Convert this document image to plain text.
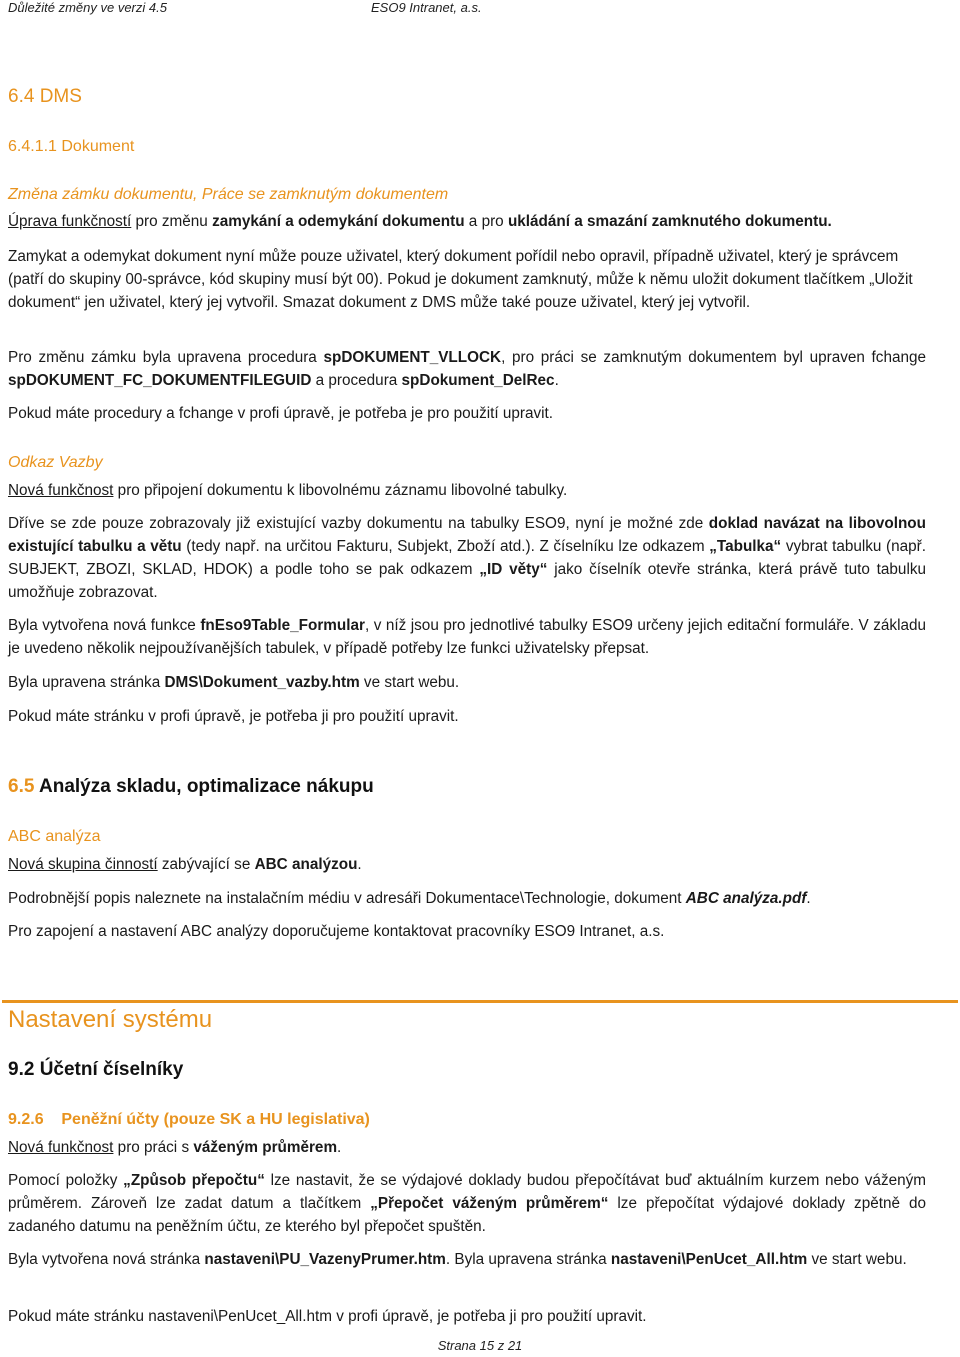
Důležité změny ve verzi 4.5	ESO9 Intranet, a.s.
6.4 DMS
6.4.1.1 Dokument
Změna zámku dokumentu, Práce se zamknutým dokumentem
Úprava funkčností pro změnu zamykání a odemykání dokumentu a pro ukládání a smazání zamknutého dokumentu.
Zamykat a odemykat dokument nyní může pouze uživatel, který dokument pořídil nebo opravil, případně uživatel, který je správcem (patří do skupiny 00-správce, kód skupiny musí být 00). Pokud je dokument zamknutý, může k němu uložit dokument tlačítkem „Uložit dokument“ jen uživatel, který jej vytvořil. Smazat dokument z DMS může také pouze uživatel, který jej vytvořil.
Pro změnu zámku byla upravena procedura spDOKUMENT_VLLOCK, pro práci se zamknutým dokumentem byl upraven fchange spDOKUMENT_FC_DOKUMENTFILEGUID a procedura spDokument_DelRec.
Pokud máte procedury a fchange v profi úpravě, je potřeba je pro použití upravit.
Odkaz Vazby
Nová funkčnost pro připojení dokumentu k libovolnému záznamu libovolné tabulky.
Dříve se zde pouze zobrazovaly již existující vazby dokumentu na tabulky ESO9, nyní je možné zde doklad navázat na libovolnou existující tabulku a větu (tedy např. na určitou Fakturu, Subjekt, Zboží atd.). Z číselníku lze odkazem „Tabulka“ vybrat tabulku (např. SUBJEKT, ZBOZI, SKLAD, HDOK) a podle toho se pak odkazem „ID věty“ jako číselník otevře stránka, která právě tuto tabulku umožňuje zobrazovat.
Byla vytvořena nová funkce fnEso9Table_Formular, v níž jsou pro jednotlivé tabulky ESO9 určeny jejich editační formuláře. V základu je uvedeno několik nejpoužívanějších tabulek, v případě potřeby lze funkci uživatelsky přepsat.
Byla upravena stránka DMS\Dokument_vazby.htm ve start webu.
Pokud máte stránku v profi úpravě, je potřeba ji pro použití upravit.
6.5 Analýza skladu, optimalizace nákupu
ABC analýza
Nová skupina činností zabývající se ABC analýzou.
Podrobnější popis naleznete na instalačním médiu v adresáři Dokumentace\Technologie, dokument ABC analýza.pdf.
Pro zapojení a nastavení ABC analýzy doporučujeme kontaktovat pracovníky ESO9 Intranet, a.s.
Nastavení systému
9.2 Účetní číselníky
9.2.6    Peněžní účty (pouze SK a HU legislativa)
Nová funkčnost pro práci s váženým průměrem.
Pomocí položky „Způsob přepočtu“ lze nastavit, že se výdajové doklady budou přepočítávat buď aktuálním kurzem nebo váženým průměrem. Zároveň lze zadat datum a tlačítkem „Přepočet váženým průměrem“ lze přepočítat výdajové doklady zpětně do zadaného datumu na peněžním účtu, ze kterého byl přepočet spuštěn.
Byla vytvořena nová stránka nastaveni\PU_VazenyPrumer.htm. Byla upravena stránka nastaveni\PenUcet_All.htm ve start webu.
Pokud máte stránku nastaveni\PenUcet_All.htm v profi úpravě, je potřeba ji pro použití upravit.
Strana 15 z 21
